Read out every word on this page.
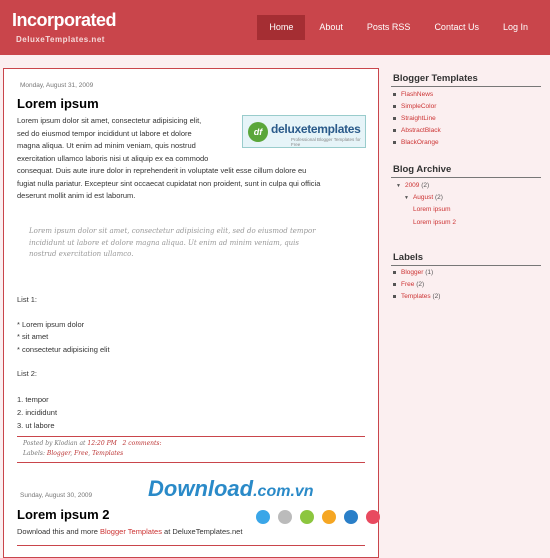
Incorporated
DeluxeTemplates.net
Home	About	Posts RSS	Contact Us	Log In
Monday, August 31, 2009
Lorem ipsum
Lorem ipsum dolor sit amet, consectetur adipisicing elit,
sed do eiusmod tempor incididunt ut labore et dolore
magna aliqua. Ut enim ad minim veniam, quis nostrud
exercitation ullamco laboris nisi ut aliquip ex ea commodo
consequat. Duis aute irure dolor in reprehenderit in voluptate velit esse cillum dolore eu
fugiat nulla pariatur. Excepteur sint occaecat cupidatat non proident, sunt in culpa qui officia
deserunt mollit anim id est laborum.
df deluxetemplates
Professional Blogger Templates for Free
Lorem ipsum dolor sit amet, consectetur adipisicing elit, sed do eiusmod tempor
incididunt ut labore et dolore magna aliqua. Ut enim ad minim veniam, quis
nostrud exercitation ullamco.
List 1:
* Lorem ipsum dolor
* sit amet
* consectetur adipisicing elit
List 2:
1. tempor
2. incididunt
3. ut labore
Posted by Klodian at 12:20 PM 2 comments:
Labels: Blogger, Free, Templates
Sunday, August 30, 2009
Lorem ipsum 2
Download this and more Blogger Templates at DeluxeTemplates.net
Blogger Templates
FlashNews
SimpleColor
StraightLine
AbstractBlack
BlackOrange
Blog Archive
▼ 2009 (2)
▼ August (2)
Lorem ipsum
Lorem ipsum 2
Labels
Blogger (1)
Free (2)
Templates (2)
Download.com.vn
